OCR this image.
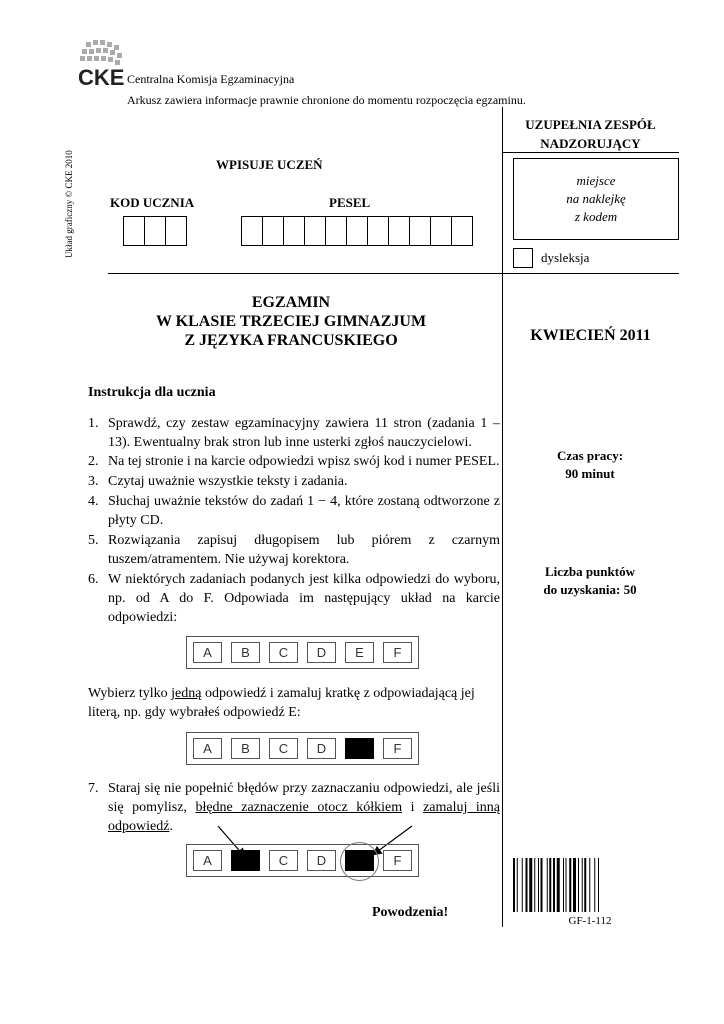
CKE Centralna Komisja Egzaminacyjna
Arkusz zawiera informacje prawnie chronione do momentu rozpoczęcia egzaminu.
Układ graficzny © CKE 2010
UZUPEŁNIA ZESPÓŁ NADZORUJĄCY
miejsce
na naklejkę
z kodem
dysleksja
WPISUJE UCZEŃ
KOD UCZNIA	PESEL
EGZAMIN
W KLASIE TRZECIEJ GIMNAZJUM
Z JĘZYKA FRANCUSKIEGO	KWIECIEŃ 2011
Czas pracy:
90 minut
Liczba punktów
do uzyskania: 50
Instrukcja dla ucznia
1. Sprawdź, czy zestaw egzaminacyjny zawiera 11 stron (zadania 1 – 13). Ewentualny brak stron lub inne usterki zgłoś nauczycielowi.
2. Na tej stronie i na karcie odpowiedzi wpisz swój kod i numer PESEL.
3. Czytaj uważnie wszystkie teksty i zadania.
4. Słuchaj uważnie tekstów do zadań 1 − 4, które zostaną odtworzone z płyty CD.
5. Rozwiązania zapisuj długopisem lub piórem z czarnym tuszem/atramentem. Nie używaj korektora.
6. W niektórych zadaniach podanych jest kilka odpowiedzi do wyboru, np. od A do F. Odpowiada im następujący układ na karcie odpowiedzi:
A	B	C	D	E	F
Wybierz tylko jedną odpowiedź i zamaluj kratkę z odpowiadającą jej literą, np. gdy wybrałeś odpowiedź E:
A	B	C	D	F
7. Staraj się nie popełnić błędów przy zaznaczaniu odpowiedzi, ale jeśli się pomylisz, błędne zaznaczenie otocz kółkiem i zamaluj inną odpowiedź.
A	C	D	F
Powodzenia!
GF-1-112
